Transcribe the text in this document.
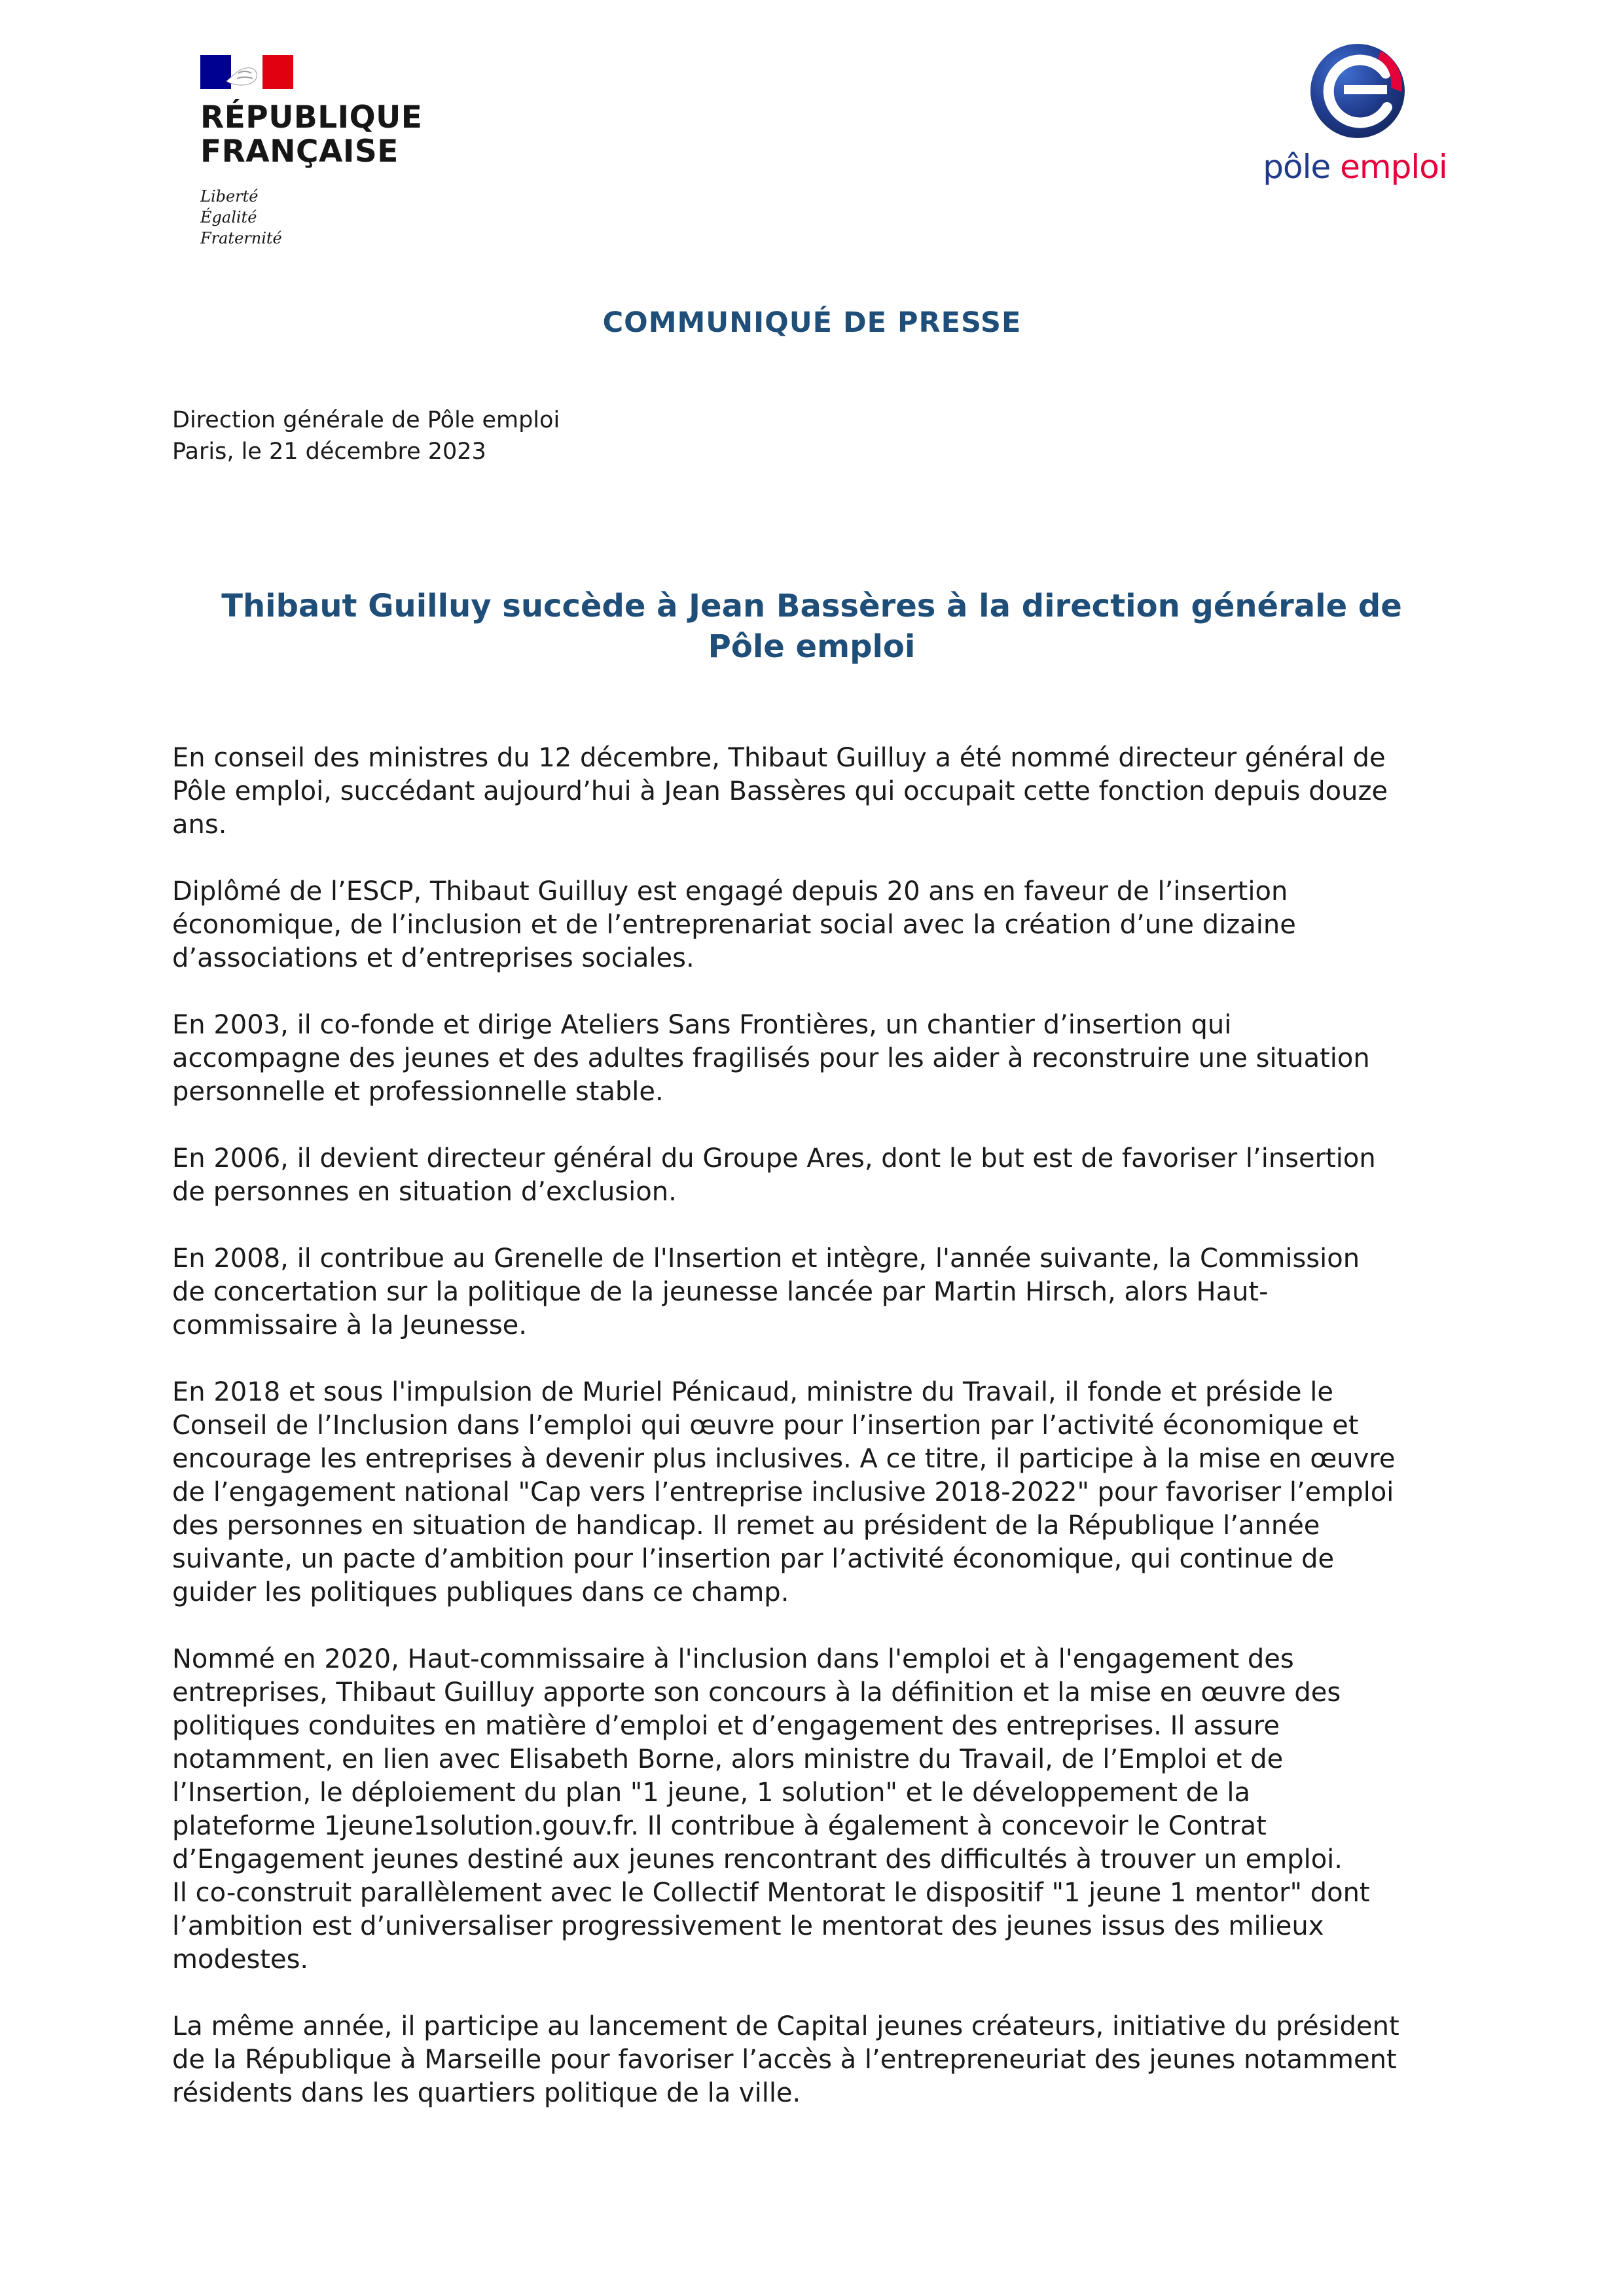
RÉPUBLIQUE
FRANÇAISE
Liberté
Égalité
Fraternité
pôle emploi
COMMUNIQUÉ DE PRESSE
Direction générale de Pôle emploi
Paris, le 21 décembre 2023
Thibaut Guilluy succède à Jean Bassères à la direction générale de
Pôle emploi
En conseil des ministres du 12 décembre, Thibaut Guilluy a été nommé directeur général de
Pôle emploi, succédant aujourd’hui à Jean Bassères qui occupait cette fonction depuis douze
ans.
Diplômé de l’ESCP, Thibaut Guilluy est engagé depuis 20 ans en faveur de l’insertion
économique, de l’inclusion et de l’entreprenariat social avec la création d’une dizaine
d’associations et d’entreprises sociales.
En 2003, il co-fonde et dirige Ateliers Sans Frontières, un chantier d’insertion qui
accompagne des jeunes et des adultes fragilisés pour les aider à reconstruire une situation
personnelle et professionnelle stable.
En 2006, il devient directeur général du Groupe Ares, dont le but est de favoriser l’insertion
de personnes en situation d’exclusion.
En 2008, il contribue au Grenelle de l'Insertion et intègre, l'année suivante, la Commission
de concertation sur la politique de la jeunesse lancée par Martin Hirsch, alors Haut-
commissaire à la Jeunesse.
En 2018 et sous l'impulsion de Muriel Pénicaud, ministre du Travail, il fonde et préside le
Conseil de l’Inclusion dans l’emploi qui œuvre pour l’insertion par l’activité économique et
encourage les entreprises à devenir plus inclusives. A ce titre, il participe à la mise en œuvre
de l’engagement national "Cap vers l’entreprise inclusive 2018-2022" pour favoriser l’emploi
des personnes en situation de handicap. Il remet au président de la République l’année
suivante, un pacte d’ambition pour l’insertion par l’activité économique, qui continue de
guider les politiques publiques dans ce champ.
Nommé en 2020, Haut-commissaire à l'inclusion dans l'emploi et à l'engagement des
entreprises, Thibaut Guilluy apporte son concours à la définition et la mise en œuvre des
politiques conduites en matière d’emploi et d’engagement des entreprises. Il assure
notamment, en lien avec Elisabeth Borne, alors ministre du Travail, de l’Emploi et de
l’Insertion, le déploiement du plan "1 jeune, 1 solution" et le développement de la
plateforme 1jeune1solution.gouv.fr. Il contribue à également à concevoir le Contrat
d’Engagement jeunes destiné aux jeunes rencontrant des difficultés à trouver un emploi.
Il co-construit parallèlement avec le Collectif Mentorat le dispositif "1 jeune 1 mentor" dont
l’ambition est d’universaliser progressivement le mentorat des jeunes issus des milieux
modestes.
La même année, il participe au lancement de Capital jeunes créateurs, initiative du président
de la République à Marseille pour favoriser l’accès à l’entrepreneuriat des jeunes notamment
résidents dans les quartiers politique de la ville.
